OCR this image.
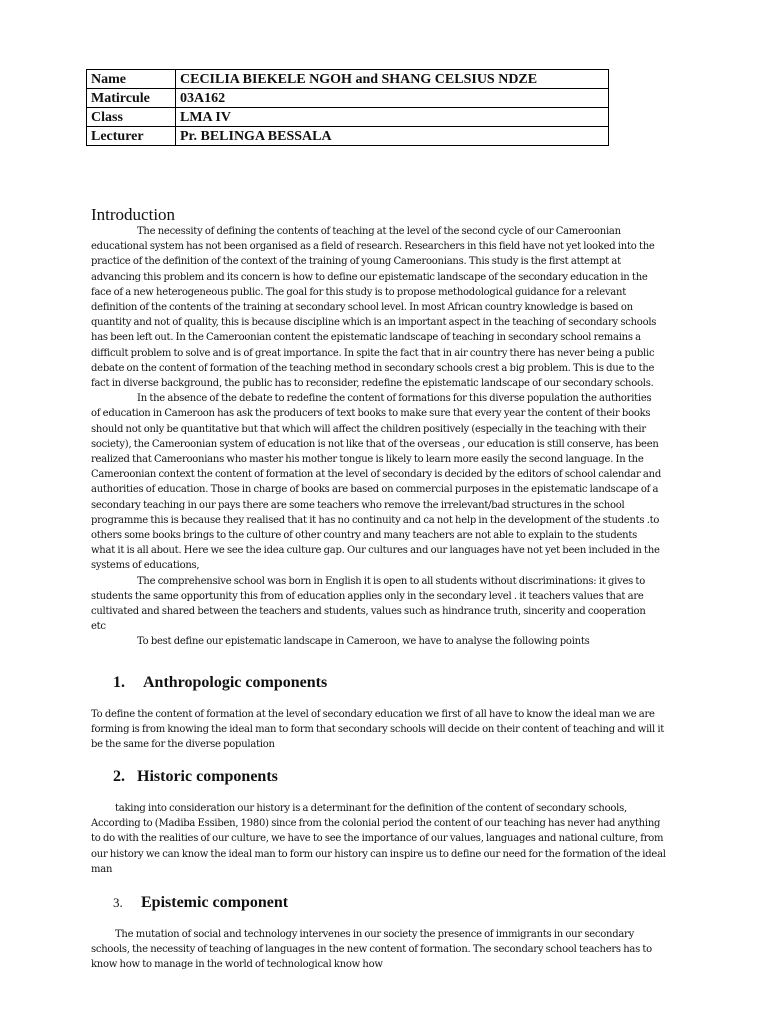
Name	CECILIA BIEKELE NGOH and SHANG CELSIUS NDZE
Matircule	03A162
Class	LMA IV
Lecturer	Pr. BELINGA BESSALA
Introduction

The necessity of defining the contents of teaching at the level of the second cycle of our Cameroonian educational system has not been organised as a field of research. Researchers in this field have not yet looked into the practice of the definition of the context of the training of young Cameroonians. This study is the first attempt at advancing this problem and its concern is how to define our epistematic landscape of the secondary education in the face of a new heterogeneous public. The goal for this study is to propose methodological guidance for a relevant definition of the contents of the training at secondary school level. In most African country knowledge is based on quantity and not of quality, this is because discipline which is an important aspect in the teaching of secondary schools has been left out. In the Cameroonian content the epistematic landscape of teaching in secondary school remains a difficult problem to solve and is of great importance. In spite the fact that in air country there has never being a public debate on the content of formation of the teaching method in secondary schools crest a big problem. This is due to the fact in diverse background, the public has to reconsider, redefine the epistematic landscape of our secondary schools.

In the absence of the debate to redefine the content of formations for this diverse population the authorities of education in Cameroon has ask the producers of text books to make sure that every year the content of their books should not only be quantitative but that which will affect the children positively (especially in the teaching with their society), the Cameroonian system of education is not like that of the overseas , our education is still conserve, has been realized that Cameroonians who master his mother tongue is likely to learn more easily the second language. In the Cameroonian context the content of formation at the level of secondary is decided by the editors of school calendar and authorities of education. Those in charge of books are based on commercial purposes in the epistematic landscape of a secondary teaching in our pays there are some teachers who remove the irrelevant/bad structures in the school programme this is because they realised that it has no continuity and ca not help in the development of the students .to others some books brings to the culture of other country and many teachers are not able to explain to the students what it is all about. Here we see the idea culture gap. Our cultures and our languages have not yet been included in the systems of educations,

The comprehensive school was born in English it is open to all students without discriminations: it gives to students the same opportunity this from of education applies only in the secondary level . it teachers values that are cultivated and shared between the teachers and students, values such as hindrance truth, sincerity and cooperation etc

To best define our epistematic landscape in Cameroon, we have to analyse the following points

1. Anthropologic components

To define the content of formation at the level of secondary education we first of all have to know the ideal man we are forming is from knowing the ideal man to form that secondary schools will decide on their content of teaching and will it be the same for the diverse population

2. Historic components

taking into consideration our history is a determinant for the definition of the content of secondary schools, According to (Madiba Essiben, 1980) since from the colonial period the content of our teaching has never had anything to do with the realities of our culture, we have to see the importance of our values, languages and national culture, from our history we can know the ideal man to form our history can inspire us to define our need for the formation of the ideal man

3. Epistemic component

The mutation of social and technology intervenes in our society the presence of immigrants in our secondary schools, the necessity of teaching of languages in the new content of formation. The secondary school teachers has to know how to manage in the world of technological know how
